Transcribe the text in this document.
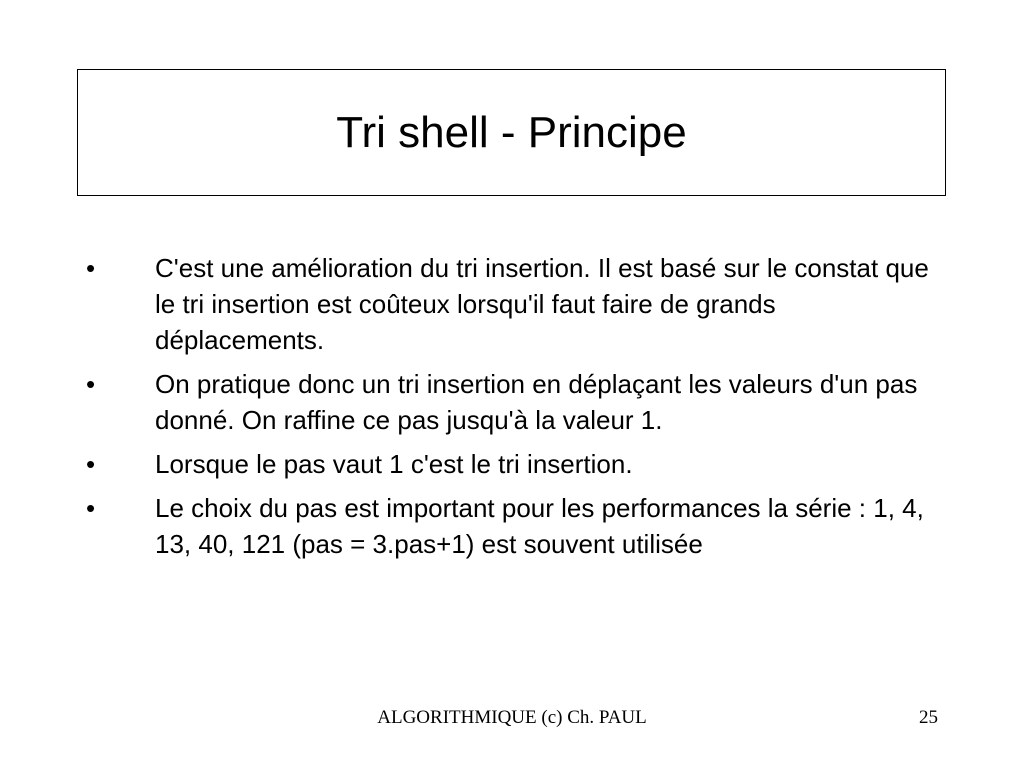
Tri shell - Principe
•	C'est une amélioration du tri insertion. Il est basé sur le constat que le tri insertion est coûteux lorsqu'il faut faire de grands déplacements.
•	On pratique donc un tri insertion en déplaçant les valeurs d'un pas donné. On raffine ce pas jusqu'à la valeur 1.
•	Lorsque le pas vaut 1 c'est le tri insertion.
•	Le choix du pas est important pour les performances la série : 1, 4, 13, 40, 121 (pas = 3.pas+1) est souvent utilisée
ALGORITHMIQUE (c) Ch. PAUL	25
